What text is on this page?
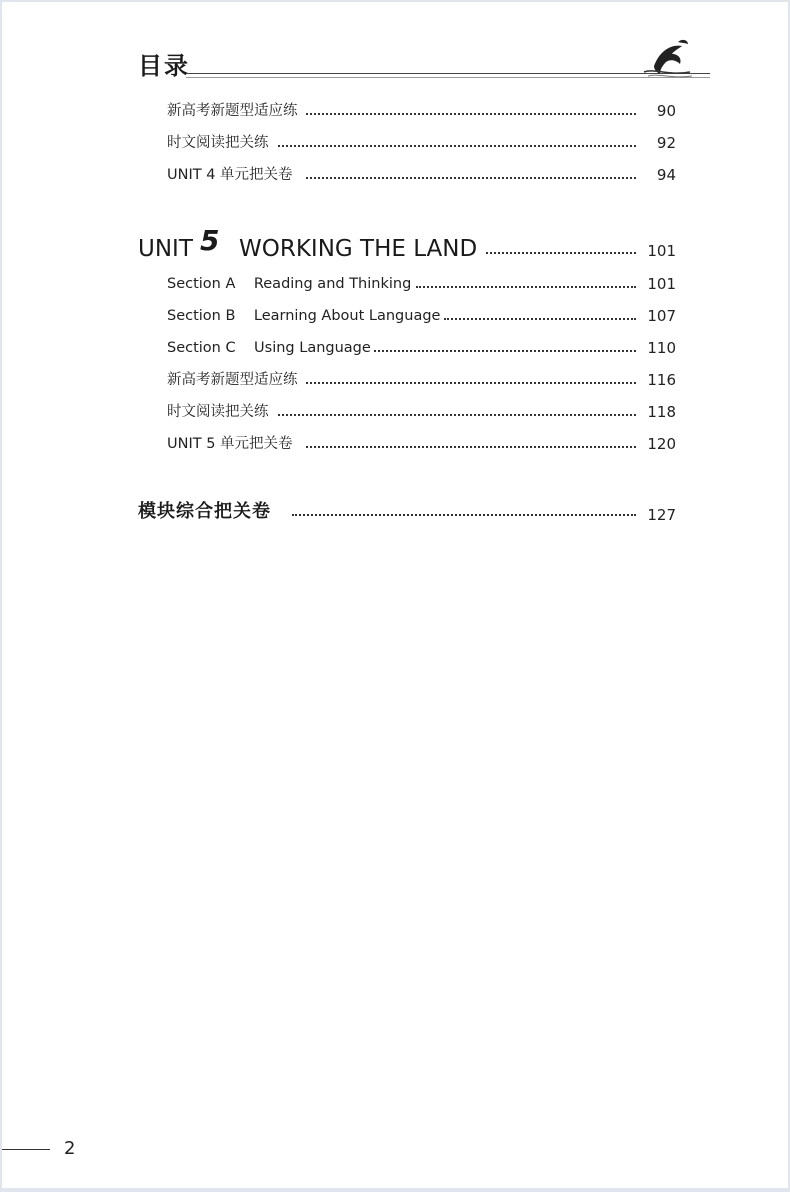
目录
新高考新题型适应练	90
时文阅读把关练	92
UNIT 4 单元把关卷	94
UNIT 5 WORKING THE LAND	101
Section A    Reading and Thinking	101
Section B    Learning About Language	107
Section C    Using Language	110
新高考新题型适应练	116
时文阅读把关练	118
UNIT 5 单元把关卷	120
模块综合把关卷	127
2
